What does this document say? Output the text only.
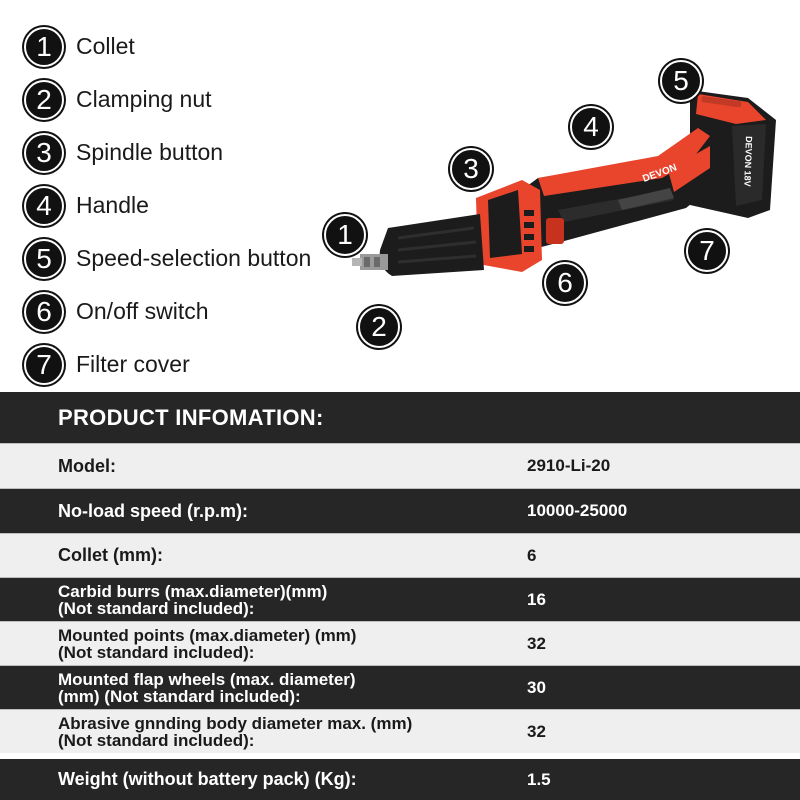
1	Collet
2	Clamping nut
3	Spindle button
4	Handle
5	Speed-selection button
6	On/off switch
7	Filter cover
DEVON 18V
DEVON
1
2
3
4
5
6
7
PRODUCT INFOMATION:
Model:	2910-Li-20
No-load speed (r.p.m):	10000-25000
Collet (mm):	6
Carbid burrs (max.diameter)(mm)
(Not standard included):	16
Mounted points (max.diameter) (mm)
(Not standard included):	32
Mounted flap wheels (max. diameter)
(mm) (Not standard included):	30
Abrasive gnnding body diameter max. (mm)
(Not standard included):	32
Weight (without battery pack) (Kg):	1.5
